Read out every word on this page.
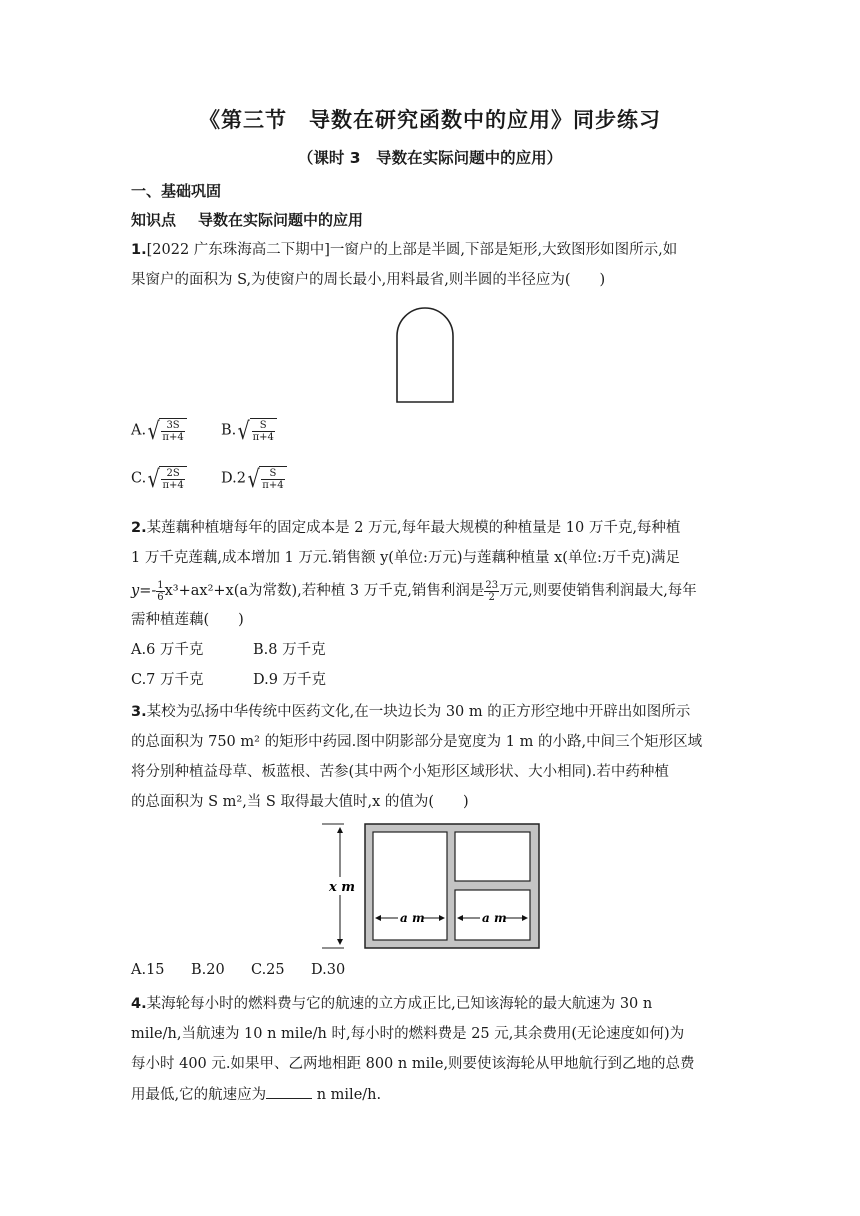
《第三节　导数在研究函数中的应用》同步练习
（课时 3　导数在实际问题中的应用）
一、基础巩固
知识点 导数在实际问题中的应用
1.[2022 广东珠海高二下期中]一窗户的上部是半圆,下部是矩形,大致图形如图所示,如
果窗户的面积为 S,为使窗户的周长最小,用料最省,则半圆的半径应为(　　)
A. √ $\frac{3S}{\pi+4}$	B. √ $\frac{S}{\pi+4}$
C. √ $\frac{2S}{\pi+4} D.2$ √ $\frac{S}{\pi+4}$
2.某莲藕种植塘每年的固定成本是 2 万元,每年最大规模的种植量是 10 万千克,每种植
1 万千克莲藕,成本增加 1 万元.销售额 y(单位:万元)与莲藕种植量 x(单位:万千克)满足
$y=- \frac{1}{6} x^3+ax^2+x(a$为常数),若种植 3 万千克,销售利润是 $\frac{23}{2}$ 万元,则要使销售利润最大,每年
需种植莲藕(　　)
A.6 万千克	B.8 万千克
C.7 万千克	D.9 万千克
3.某校为弘扬中华传统中医药文化,在一块边长为 30 m 的正方形空地中开辟出如图所示
的总面积为 750 m² 的矩形中药园.图中阴影部分是宽度为 1 m 的小路,中间三个矩形区域
将分别种植益母草、板蓝根、苦参(其中两个小矩形区域形状、大小相同).若中药种植
的总面积为 S m²,当 S 取得最大值时,x 的值为(　　)
x m
a m	a m
A.15 B.20 C.25 D.30
4.某海轮每小时的燃料费与它的航速的立方成正比,已知该海轮的最大航速为 30 n
mile/h,当航速为 10 n mile/h 时,每小时的燃料费是 25 元,其余费用(无论速度如何)为
每小时 400 元.如果甲、乙两地相距 800 n mile,则要使该海轮从甲地航行到乙地的总费
用最低,它的航速应为	n mile/h.
